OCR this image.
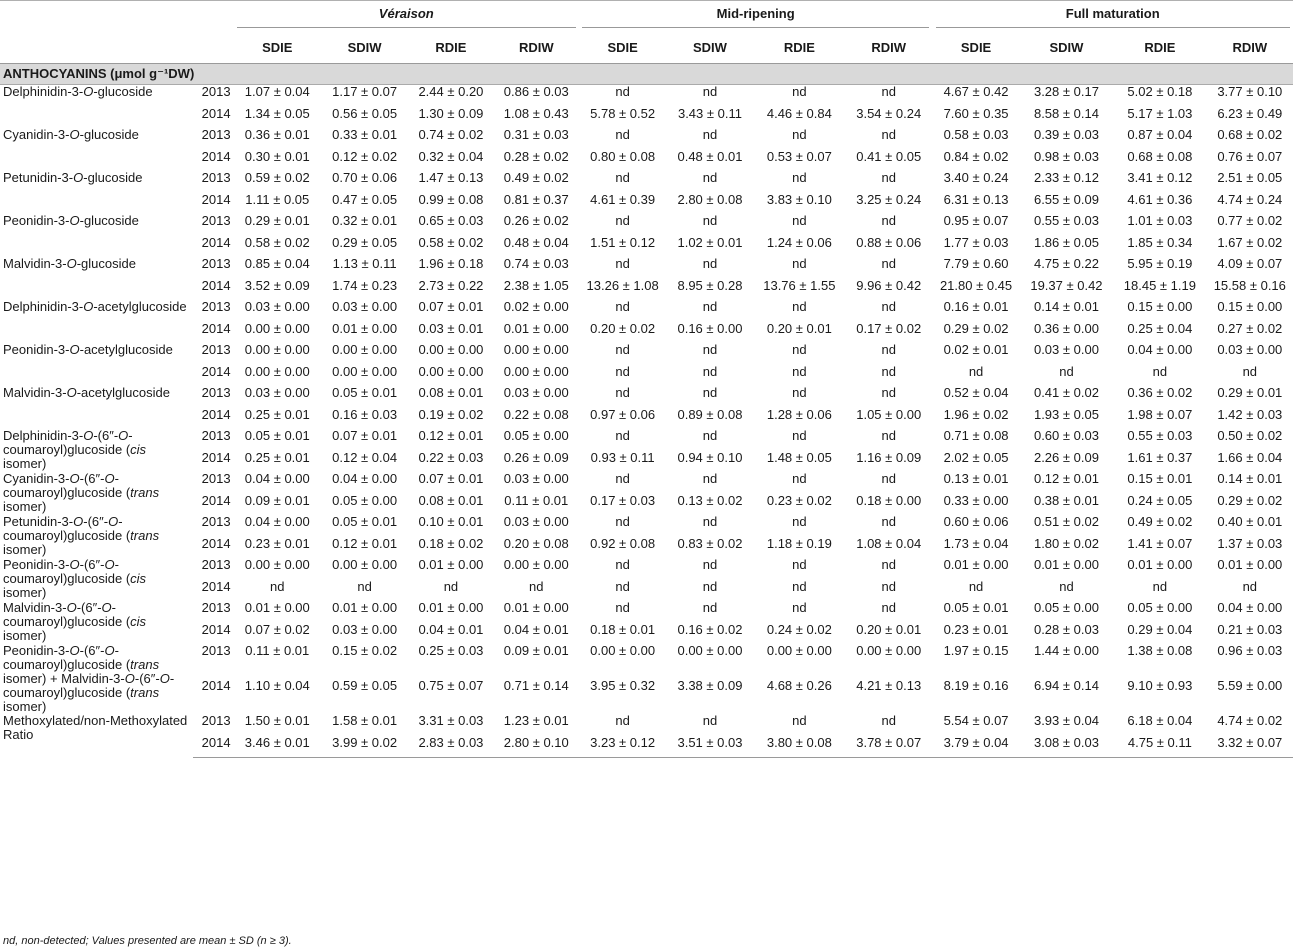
		Véraison				Mid-ripening				Full maturation			
		SDIE	SDIW	RDIE	RDIW	SDIE	SDIW	RDIE	RDIW	SDIE	SDIW	RDIE	RDIW
ANTHOCYANINS (μmol g⁻¹DW)													
Delphinidin-3-O-glucoside	2013	1.07 ± 0.04	1.17 ± 0.07	2.44 ± 0.20	0.86 ± 0.03	nd	nd	nd	nd	4.67 ± 0.42	3.28 ± 0.17	5.02 ± 0.18	3.77 ± 0.10
	2014	1.34 ± 0.05	0.56 ± 0.05	1.30 ± 0.09	1.08 ± 0.43	5.78 ± 0.52	3.43 ± 0.11	4.46 ± 0.84	3.54 ± 0.24	7.60 ± 0.35	8.58 ± 0.14	5.17 ± 1.03	6.23 ± 0.49
Cyanidin-3-O-glucoside	2013	0.36 ± 0.01	0.33 ± 0.01	0.74 ± 0.02	0.31 ± 0.03	nd	nd	nd	nd	0.58 ± 0.03	0.39 ± 0.03	0.87 ± 0.04	0.68 ± 0.02
	2014	0.30 ± 0.01	0.12 ± 0.02	0.32 ± 0.04	0.28 ± 0.02	0.80 ± 0.08	0.48 ± 0.01	0.53 ± 0.07	0.41 ± 0.05	0.84 ± 0.02	0.98 ± 0.03	0.68 ± 0.08	0.76 ± 0.07
Petunidin-3-O-glucoside	2013	0.59 ± 0.02	0.70 ± 0.06	1.47 ± 0.13	0.49 ± 0.02	nd	nd	nd	nd	3.40 ± 0.24	2.33 ± 0.12	3.41 ± 0.12	2.51 ± 0.05
	2014	1.11 ± 0.05	0.47 ± 0.05	0.99 ± 0.08	0.81 ± 0.37	4.61 ± 0.39	2.80 ± 0.08	3.83 ± 0.10	3.25 ± 0.24	6.31 ± 0.13	6.55 ± 0.09	4.61 ± 0.36	4.74 ± 0.24
Peonidin-3-O-glucoside	2013	0.29 ± 0.01	0.32 ± 0.01	0.65 ± 0.03	0.26 ± 0.02	nd	nd	nd	nd	0.95 ± 0.07	0.55 ± 0.03	1.01 ± 0.03	0.77 ± 0.02
	2014	0.58 ± 0.02	0.29 ± 0.05	0.58 ± 0.02	0.48 ± 0.04	1.51 ± 0.12	1.02 ± 0.01	1.24 ± 0.06	0.88 ± 0.06	1.77 ± 0.03	1.86 ± 0.05	1.85 ± 0.34	1.67 ± 0.02
Malvidin-3-O-glucoside	2013	0.85 ± 0.04	1.13 ± 0.11	1.96 ± 0.18	0.74 ± 0.03	nd	nd	nd	nd	7.79 ± 0.60	4.75 ± 0.22	5.95 ± 0.19	4.09 ± 0.07
	2014	3.52 ± 0.09	1.74 ± 0.23	2.73 ± 0.22	2.38 ± 1.05	13.26 ± 1.08	8.95 ± 0.28	13.76 ± 1.55	9.96 ± 0.42	21.80 ± 0.45	19.37 ± 0.42	18.45 ± 1.19	15.58 ± 0.16
Delphinidin-3-O-acetylglucoside	2013	0.03 ± 0.00	0.03 ± 0.00	0.07 ± 0.01	0.02 ± 0.00	nd	nd	nd	nd	0.16 ± 0.01	0.14 ± 0.01	0.15 ± 0.00	0.15 ± 0.00
	2014	0.00 ± 0.00	0.01 ± 0.00	0.03 ± 0.01	0.01 ± 0.00	0.20 ± 0.02	0.16 ± 0.00	0.20 ± 0.01	0.17 ± 0.02	0.29 ± 0.02	0.36 ± 0.00	0.25 ± 0.04	0.27 ± 0.02
Peonidin-3-O-acetylglucoside	2013	0.00 ± 0.00	0.00 ± 0.00	0.00 ± 0.00	0.00 ± 0.00	nd	nd	nd	nd	0.02 ± 0.01	0.03 ± 0.00	0.04 ± 0.00	0.03 ± 0.00
	2014	0.00 ± 0.00	0.00 ± 0.00	0.00 ± 0.00	0.00 ± 0.00	nd	nd	nd	nd	nd	nd	nd	nd
Malvidin-3-O-acetylglucoside	2013	0.03 ± 0.00	0.05 ± 0.01	0.08 ± 0.01	0.03 ± 0.00	nd	nd	nd	nd	0.52 ± 0.04	0.41 ± 0.02	0.36 ± 0.02	0.29 ± 0.01
	2014	0.25 ± 0.01	0.16 ± 0.03	0.19 ± 0.02	0.22 ± 0.08	0.97 ± 0.06	0.89 ± 0.08	1.28 ± 0.06	1.05 ± 0.00	1.96 ± 0.02	1.93 ± 0.05	1.98 ± 0.07	1.42 ± 0.03
Delphinidin-3-O-(6″-O-coumaroyl)glucoside (cis isomer)	2013	0.05 ± 0.01	0.07 ± 0.01	0.12 ± 0.01	0.05 ± 0.00	nd	nd	nd	nd	0.71 ± 0.08	0.60 ± 0.03	0.55 ± 0.03	0.50 ± 0.02
	2014	0.25 ± 0.01	0.12 ± 0.04	0.22 ± 0.03	0.26 ± 0.09	0.93 ± 0.11	0.94 ± 0.10	1.48 ± 0.05	1.16 ± 0.09	2.02 ± 0.05	2.26 ± 0.09	1.61 ± 0.37	1.66 ± 0.04
Cyanidin-3-O-(6″-O-coumaroyl)glucoside (trans isomer)	2013	0.04 ± 0.00	0.04 ± 0.00	0.07 ± 0.01	0.03 ± 0.00	nd	nd	nd	nd	0.13 ± 0.01	0.12 ± 0.01	0.15 ± 0.01	0.14 ± 0.01
	2014	0.09 ± 0.01	0.05 ± 0.00	0.08 ± 0.01	0.11 ± 0.01	0.17 ± 0.03	0.13 ± 0.02	0.23 ± 0.02	0.18 ± 0.00	0.33 ± 0.00	0.38 ± 0.01	0.24 ± 0.05	0.29 ± 0.02
Petunidin-3-O-(6″-O-coumaroyl)glucoside (trans isomer)	2013	0.04 ± 0.00	0.05 ± 0.01	0.10 ± 0.01	0.03 ± 0.00	nd	nd	nd	nd	0.60 ± 0.06	0.51 ± 0.02	0.49 ± 0.02	0.40 ± 0.01
	2014	0.23 ± 0.01	0.12 ± 0.01	0.18 ± 0.02	0.20 ± 0.08	0.92 ± 0.08	0.83 ± 0.02	1.18 ± 0.19	1.08 ± 0.04	1.73 ± 0.04	1.80 ± 0.02	1.41 ± 0.07	1.37 ± 0.03
Peonidin-3-O-(6″-O-coumaroyl)glucoside (cis isomer)	2013	0.00 ± 0.00	0.00 ± 0.00	0.01 ± 0.00	0.00 ± 0.00	nd	nd	nd	nd	0.01 ± 0.00	0.01 ± 0.00	0.01 ± 0.00	0.01 ± 0.00
	2014	nd	nd	nd	nd	nd	nd	nd	nd	nd	nd	nd	nd
Malvidin-3-O-(6″-O-coumaroyl)glucoside (cis isomer)	2013	0.01 ± 0.00	0.01 ± 0.00	0.01 ± 0.00	0.01 ± 0.00	nd	nd	nd	nd	0.05 ± 0.01	0.05 ± 0.00	0.05 ± 0.00	0.04 ± 0.00
	2014	0.07 ± 0.02	0.03 ± 0.00	0.04 ± 0.01	0.04 ± 0.01	0.18 ± 0.01	0.16 ± 0.02	0.24 ± 0.02	0.20 ± 0.01	0.23 ± 0.01	0.28 ± 0.03	0.29 ± 0.04	0.21 ± 0.03
Peonidin-3-O-(6″-O-coumaroyl)glucoside (trans isomer) + Malvidin-3-O-(6″-O-coumaroyl)glucoside (trans isomer)	2013	0.11 ± 0.01	0.15 ± 0.02	0.25 ± 0.03	0.09 ± 0.01	0.00 ± 0.00	0.00 ± 0.00	0.00 ± 0.00	0.00 ± 0.00	1.97 ± 0.15	1.44 ± 0.00	1.38 ± 0.08	0.96 ± 0.03
	2014	1.10 ± 0.04	0.59 ± 0.05	0.75 ± 0.07	0.71 ± 0.14	3.95 ± 0.32	3.38 ± 0.09	4.68 ± 0.26	4.21 ± 0.13	8.19 ± 0.16	6.94 ± 0.14	9.10 ± 0.93	5.59 ± 0.00
Methoxylated/non-Methoxylated Ratio	2013	1.50 ± 0.01	1.58 ± 0.01	3.31 ± 0.03	1.23 ± 0.01	nd	nd	nd	nd	5.54 ± 0.07	3.93 ± 0.04	6.18 ± 0.04	4.74 ± 0.02
	2014	3.46 ± 0.01	3.99 ± 0.02	2.83 ± 0.03	2.80 ± 0.10	3.23 ± 0.12	3.51 ± 0.03	3.80 ± 0.08	3.78 ± 0.07	3.79 ± 0.04	3.08 ± 0.03	4.75 ± 0.11	3.32 ± 0.07
nd, non-detected; Values presented are mean ± SD (n ≥ 3).
